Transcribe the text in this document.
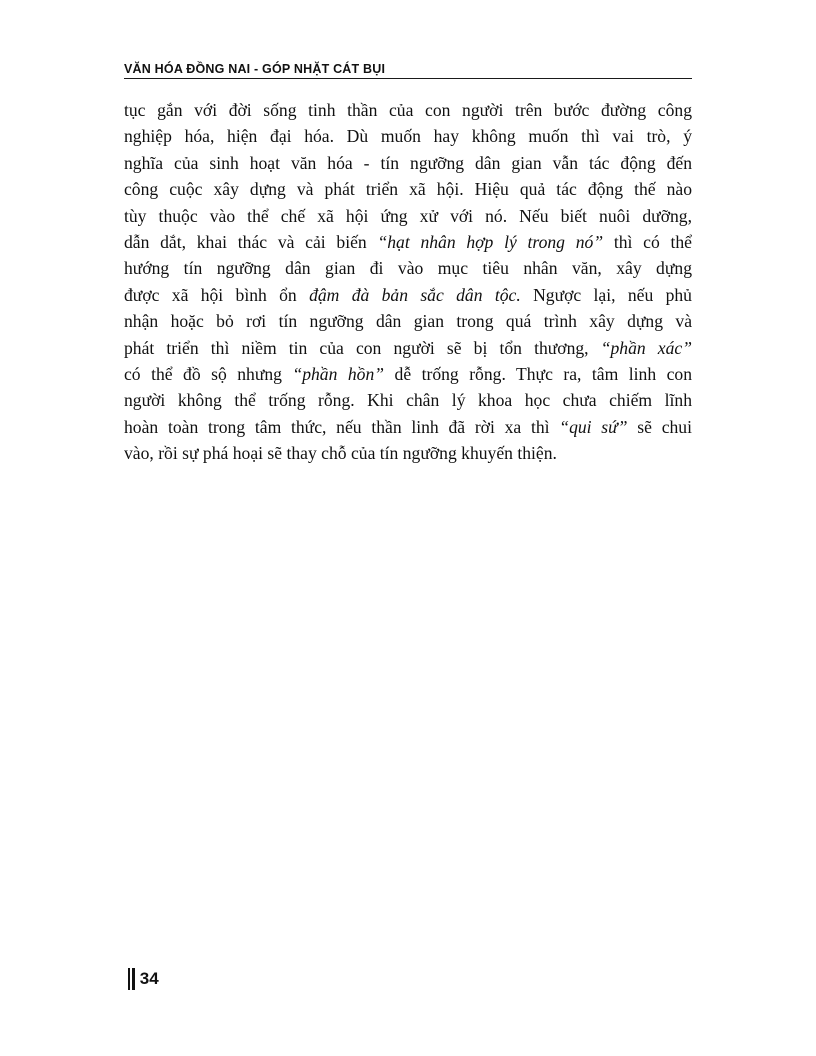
VĂN HÓA ĐỒNG NAI - GÓP NHẶT CÁT BỤI
tục gắn với đời sống tinh thần của con người trên bước đường công
nghiệp hóa, hiện đại hóa. Dù muốn hay không muốn thì vai trò, ý
nghĩa của sinh hoạt văn hóa - tín ngưỡng dân gian vẫn tác động đến
công cuộc xây dựng và phát triển xã hội. Hiệu quả tác động thế nào
tùy thuộc vào thể chế xã hội ứng xử với nó. Nếu biết nuôi dưỡng,
dẫn dắt, khai thác và cải biến “hạt nhân hợp lý trong nó” thì có thể
hướng tín ngưỡng dân gian đi vào mục tiêu nhân văn, xây dựng
được xã hội bình ổn đậm đà bản sắc dân tộc. Ngược lại, nếu phủ
nhận hoặc bỏ rơi tín ngưỡng dân gian trong quá trình xây dựng và
phát triển thì niềm tin của con người sẽ bị tổn thương, “phần xác”
có thể đồ sộ nhưng “phần hồn” dễ trống rỗng. Thực ra, tâm linh con
người không thể trống rỗng. Khi chân lý khoa học chưa chiếm lĩnh
hoàn toàn trong tâm thức, nếu thần linh đã rời xa thì “qui sứ” sẽ chui
vào, rồi sự phá hoại sẽ thay chỗ của tín ngưỡng khuyến thiện.
34
